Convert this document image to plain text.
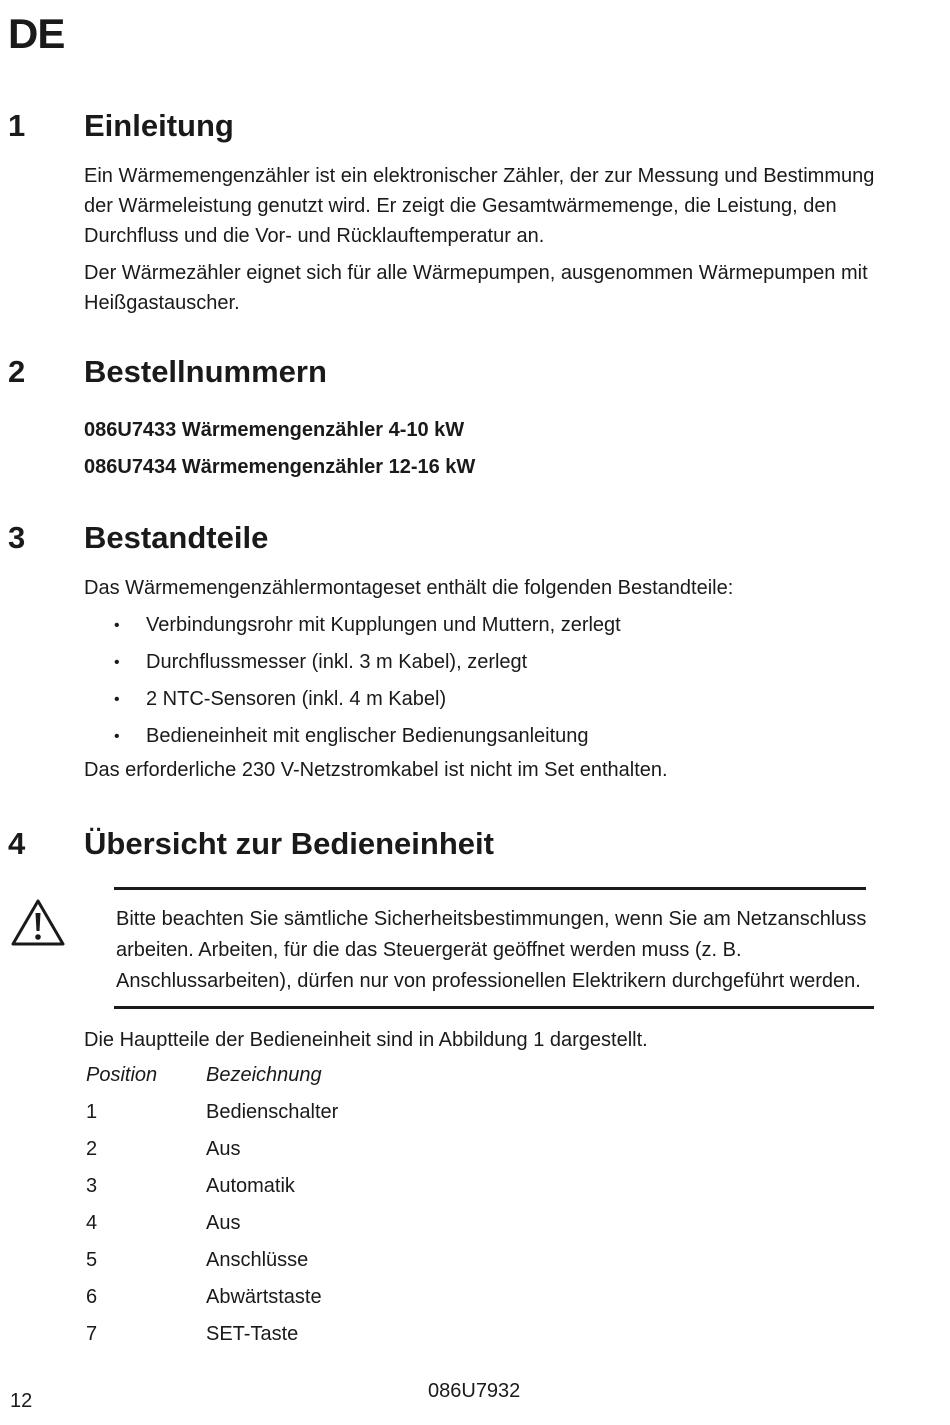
DE
1	Einleitung

Ein Wärmemengenzähler ist ein elektronischer Zähler, der zur Messung und Bestimmung der Wärmeleistung genutzt wird. Er zeigt die Gesamtwärmemenge, die Leistung, den Durchfluss und die Vor- und Rücklauftemperatur an.

Der Wärmezähler eignet sich für alle Wärmepumpen, ausgenommen Wärmepumpen mit Heißgastauscher.

2	Bestellnummern

086U7433 Wärmemengenzähler 4-10 kW

086U7434 Wärmemengenzähler 12-16 kW

3	Bestandteile

Das Wärmemengenzählermontageset enthält die folgenden Bestandteile:

• Verbindungsrohr mit Kupplungen und Muttern, zerlegt
• Durchflussmesser (inkl. 3 m Kabel), zerlegt
• 2 NTC-Sensoren (inkl. 4 m Kabel)
• Bedieneinheit mit englischer Bedienungsanleitung

Das erforderliche 230 V-Netzstromkabel ist nicht im Set enthalten.

4	Übersicht zur Bedieneinheit
Bitte beachten Sie sämtliche Sicherheitsbestimmungen, wenn Sie am Netzanschluss
arbeiten. Arbeiten, für die das Steuergerät geöffnet werden muss (z. B.
Anschlussarbeiten), dürfen nur von professionellen Elektrikern durchgeführt werden.

Die Hauptteile der Bedieneinheit sind in Abbildung 1 dargestellt.

Position	Bezeichnung
1	Bedienschalter
2	Aus
3	Automatik
4	Aus
5	Anschlüsse
6	Abwärtstaste
7	SET-Taste
12	086U7932
